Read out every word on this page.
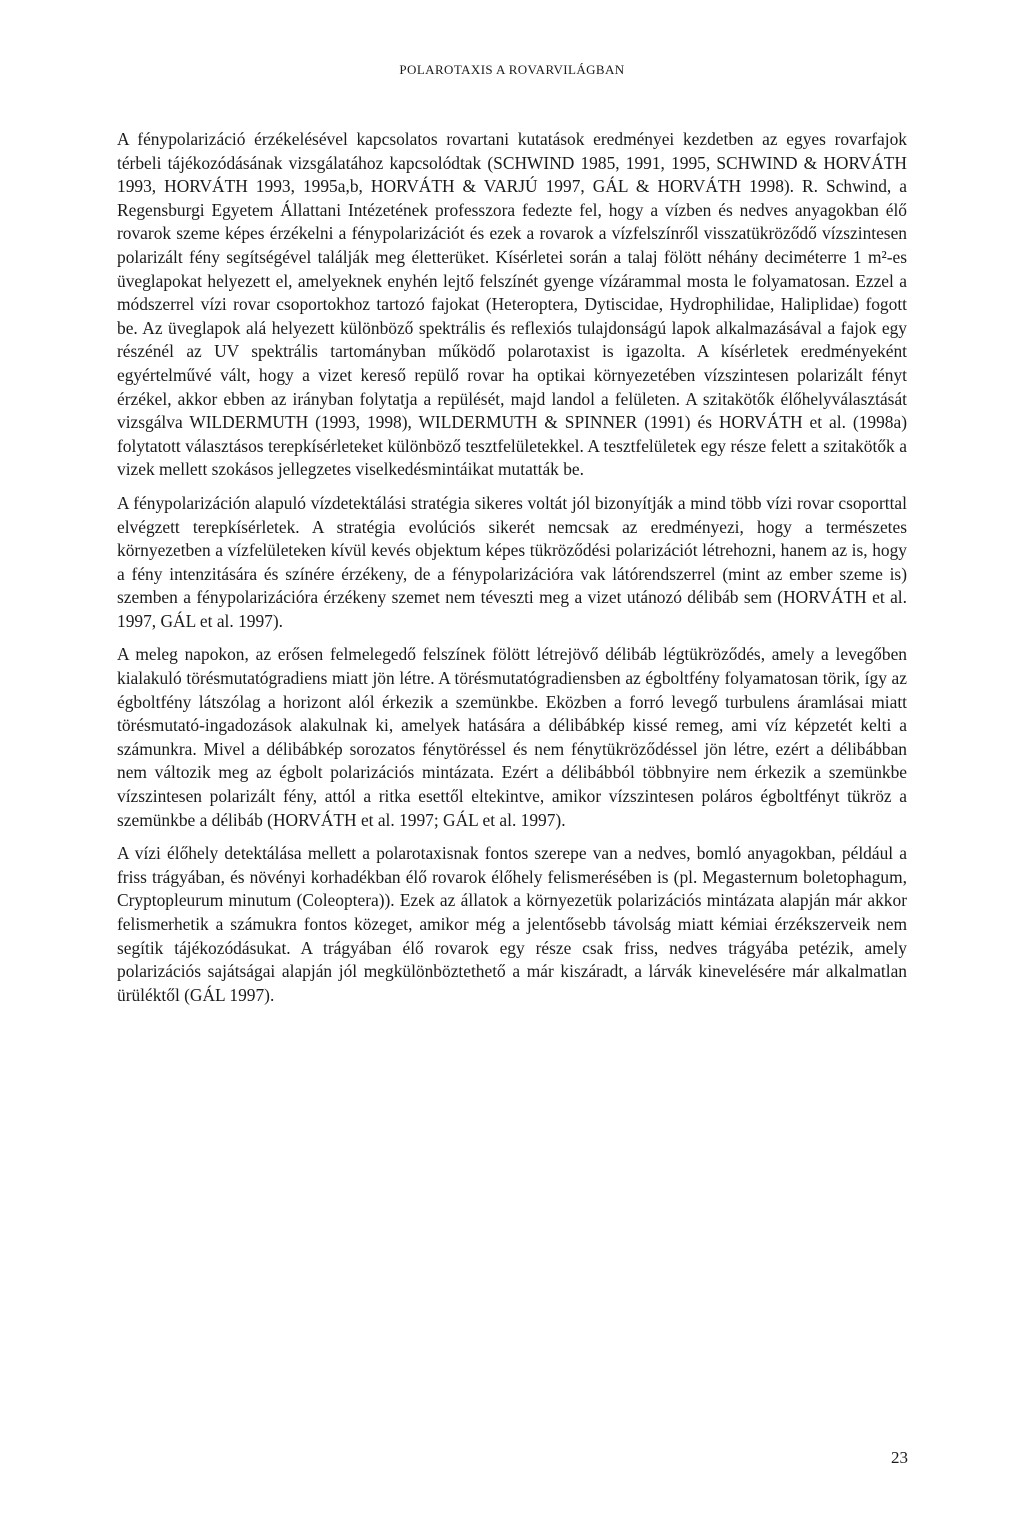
POLAROTAXIS A ROVARVILÁGBAN

A fénypolarizáció érzékelésével kapcsolatos rovartani kutatások eredményei kezdetben az egyes rovarfajok térbeli tájékozódásának vizsgálatához kapcsolódtak (SCHWIND 1985, 1991, 1995, SCHWIND & HORVÁTH 1993, HORVÁTH 1993, 1995a,b, HORVÁTH & VARJÚ 1997, GÁL & HORVÁTH 1998). R. Schwind, a Regensburgi Egyetem Állattani Intézetének professzora fedezte fel, hogy a vízben és nedves anyagokban élő rovarok szeme képes érzékelni a fénypolarizációt és ezek a rovarok a vízfelszínről visszatükröződő vízszintesen polarizált fény segítségével találják meg életterüket. Kísérletei során a talaj fölött néhány deciméterre 1 m²-es üveglapokat helyezett el, amelyeknek enyhén lejtő felszínét gyenge vízárammal mosta le folyamatosan. Ezzel a módszerrel vízi rovar csoportokhoz tartozó fajokat (Heteroptera, Dytiscidae, Hydrophilidae, Haliplidae) fogott be. Az üveglapok alá helyezett különböző spektrális és reflexiós tulajdonságú lapok alkalmazásával a fajok egy részénél az UV spektrális tartományban működő polarotaxist is igazolta. A kísérletek eredményeként egyértelművé vált, hogy a vizet kereső repülő rovar ha optikai környezetében vízszintesen polarizált fényt érzékel, akkor ebben az irányban folytatja a repülését, majd landol a felületen. A szitakötők élőhelyválasztását vizsgálva WILDERMUTH (1993, 1998), WILDERMUTH & SPINNER (1991) és HORVÁTH et al. (1998a) folytatott választásos terepkísérleteket különböző tesztfelületekkel. A tesztfelületek egy része felett a szitakötők a vizek mellett szokásos jellegzetes viselkedésmintáikat mutatták be.

A fénypolarizáción alapuló vízdetektálási stratégia sikeres voltát jól bizonyítják a mind több vízi rovar csoporttal elvégzett terepkísérletek. A stratégia evolúciós sikerét nemcsak az eredményezi, hogy a természetes környezetben a vízfelületeken kívül kevés objektum képes tükröződési polarizációt létrehozni, hanem az is, hogy a fény intenzitására és színére érzékeny, de a fénypolarizációra vak látórendszerrel (mint az ember szeme is) szemben a fénypolarizációra érzékeny szemet nem téveszti meg a vizet utánozó délibáb sem (HORVÁTH et al. 1997, GÁL et al. 1997).

A meleg napokon, az erősen felmelegedő felszínek fölött létrejövő délibáb légtükröződés, amely a levegőben kialakuló törésmutatógradiens miatt jön létre. A törésmutatógradiensben az égboltfény folyamatosan törik, így az égboltfény látszólag a horizont alól érkezik a szemünkbe. Eközben a forró levegő turbulens áramlásai miatt törésmutató-ingadozások alakulnak ki, amelyek hatására a délibábkép kissé remeg, ami víz képzetét kelti a számunkra. Mivel a délibábkép sorozatos fénytöréssel és nem fénytükröződéssel jön létre, ezért a délibábban nem változik meg az égbolt polarizációs mintázata. Ezért a délibábból többnyire nem érkezik a szemünkbe vízszintesen polarizált fény, attól a ritka esettől eltekintve, amikor vízszintesen poláros égboltfényt tükröz a szemünkbe a délibáb (HORVÁTH et al. 1997; GÁL et al. 1997).

A vízi élőhely detektálása mellett a polarotaxisnak fontos szerepe van a nedves, bomló anyagokban, például a friss trágyában, és növényi korhadékban élő rovarok élőhely felismerésében is (pl. Megasternum boletophagum, Cryptopleurum minutum (Coleoptera)). Ezek az állatok a környezetük polarizációs mintázata alapján már akkor felismerhetik a számukra fontos közeget, amikor még a jelentősebb távolság miatt kémiai érzékszerveik nem segítik tájékozódásukat. A trágyában élő rovarok egy része csak friss, nedves trágyába petézik, amely polarizációs sajátságai alapján jól megkülönböztethető a már kiszáradt, a lárvák kinevelésére már alkalmatlan ürüléktől (GÁL 1997).

23
